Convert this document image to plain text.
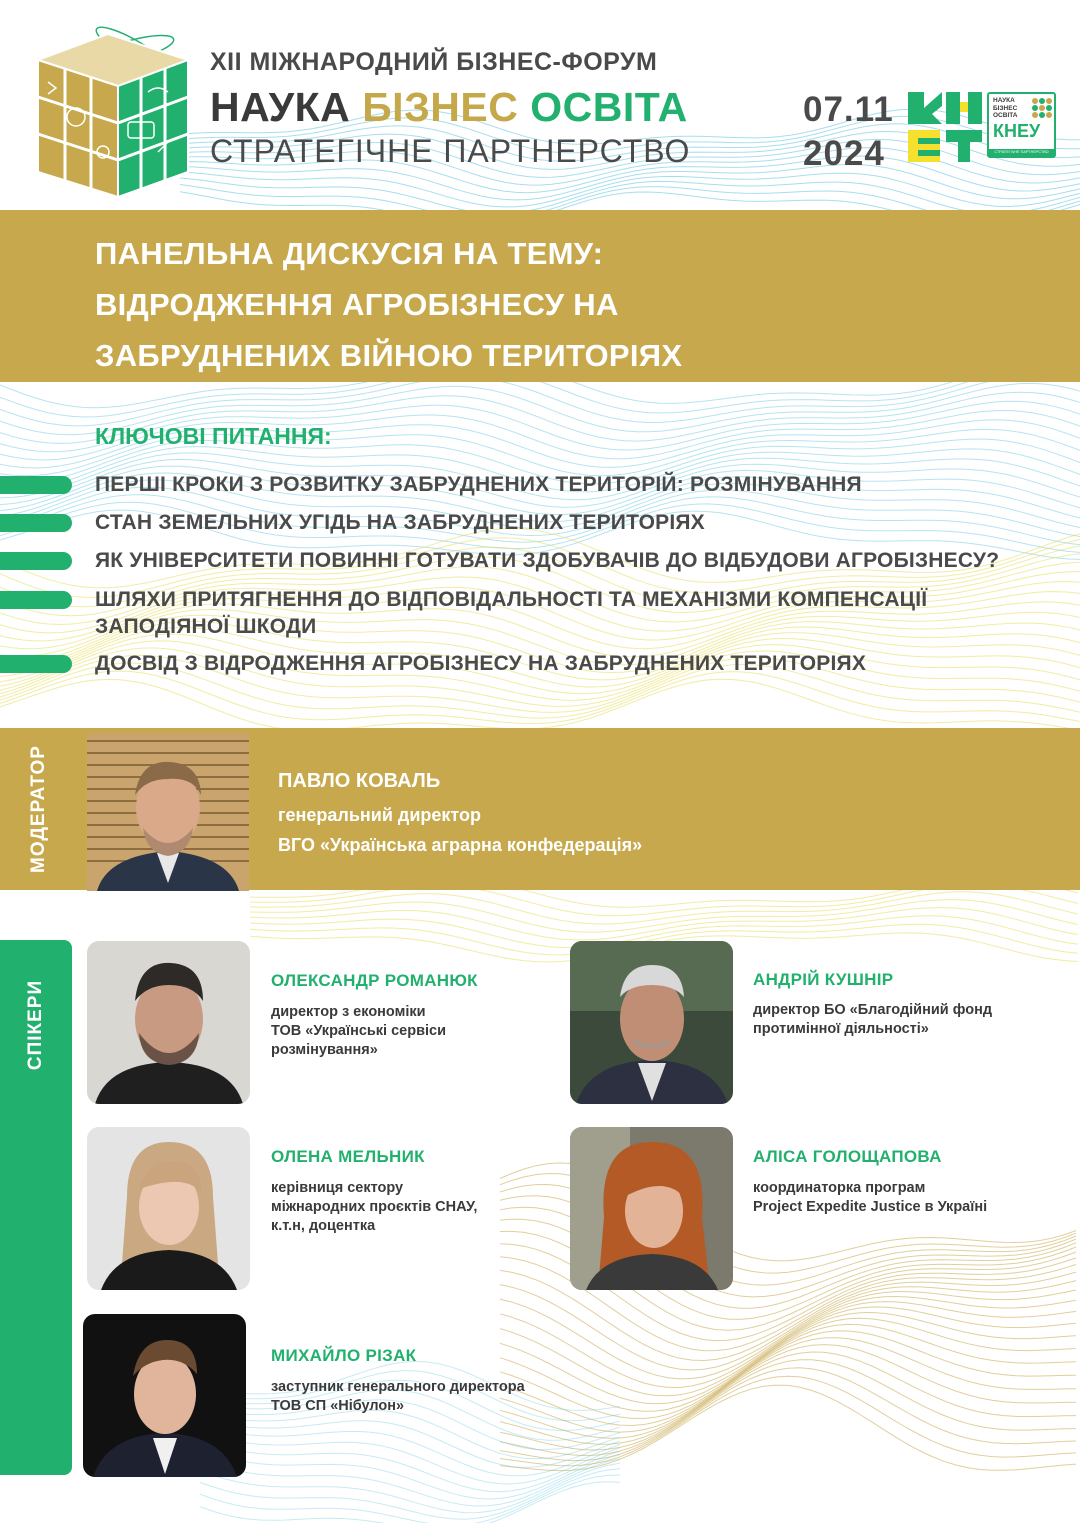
XII МІЖНАРОДНИЙ БІЗНЕС-ФОРУМ
НАУКА БІЗНЕС ОСВІТА
СТРАТЕГІЧНЕ ПАРТНЕРСТВО
07.11
2024
НАУКА
БІЗНЕС
ОСВІТА
КНЕУ
СТРАТЕГІЧНЕ ПАРТНЕРСТВО
ПАНЕЛЬНА ДИСКУСІЯ НА ТЕМУ:
ВІДРОДЖЕННЯ АГРОБІЗНЕСУ НА
ЗАБРУДНЕНИХ ВІЙНОЮ ТЕРИТОРІЯХ
КЛЮЧОВІ ПИТАННЯ:
ПЕРШІ КРОКИ З РОЗВИТКУ ЗАБРУДНЕНИХ ТЕРИТОРІЙ: РОЗМІНУВАННЯ
СТАН ЗЕМЕЛЬНИХ УГІДЬ НА ЗАБРУДНЕНИХ ТЕРИТОРІЯХ
ЯК УНІВЕРСИТЕТИ ПОВИННІ ГОТУВАТИ ЗДОБУВАЧІВ ДО ВІДБУДОВИ АГРОБІЗНЕСУ?
ШЛЯХИ ПРИТЯГНЕННЯ ДО ВІДПОВІДАЛЬНОСТІ ТА МЕХАНІЗМИ КОМПЕНСАЦІЇ ЗАПОДІЯНОЇ ШКОДИ
ДОСВІД З ВІДРОДЖЕННЯ АГРОБІЗНЕСУ НА ЗАБРУДНЕНИХ ТЕРИТОРІЯХ
МОДЕРАТОР	ПАВЛО КОВАЛЬ
генеральний директор
ВГО «Українська аграрна конфедерація»
СПІКЕРИ	ОЛЕКСАНДР РОМАНЮК
директор з економіки
ТОВ «Українські сервіси
розмінування»
АНДРІЙ КУШНІР
директор БО «Благодійний фонд
протимінної діяльності»
ОЛЕНА МЕЛЬНИК
керівниця сектору
міжнародних проєктів СНАУ,
к.т.н, доцентка
АЛІСА ГОЛОЩАПОВА
координаторка програм
Project Expedite Justice в Україні
МИХАЙЛО РІЗАК
заступник генерального директора
ТОВ СП «Нібулон»
